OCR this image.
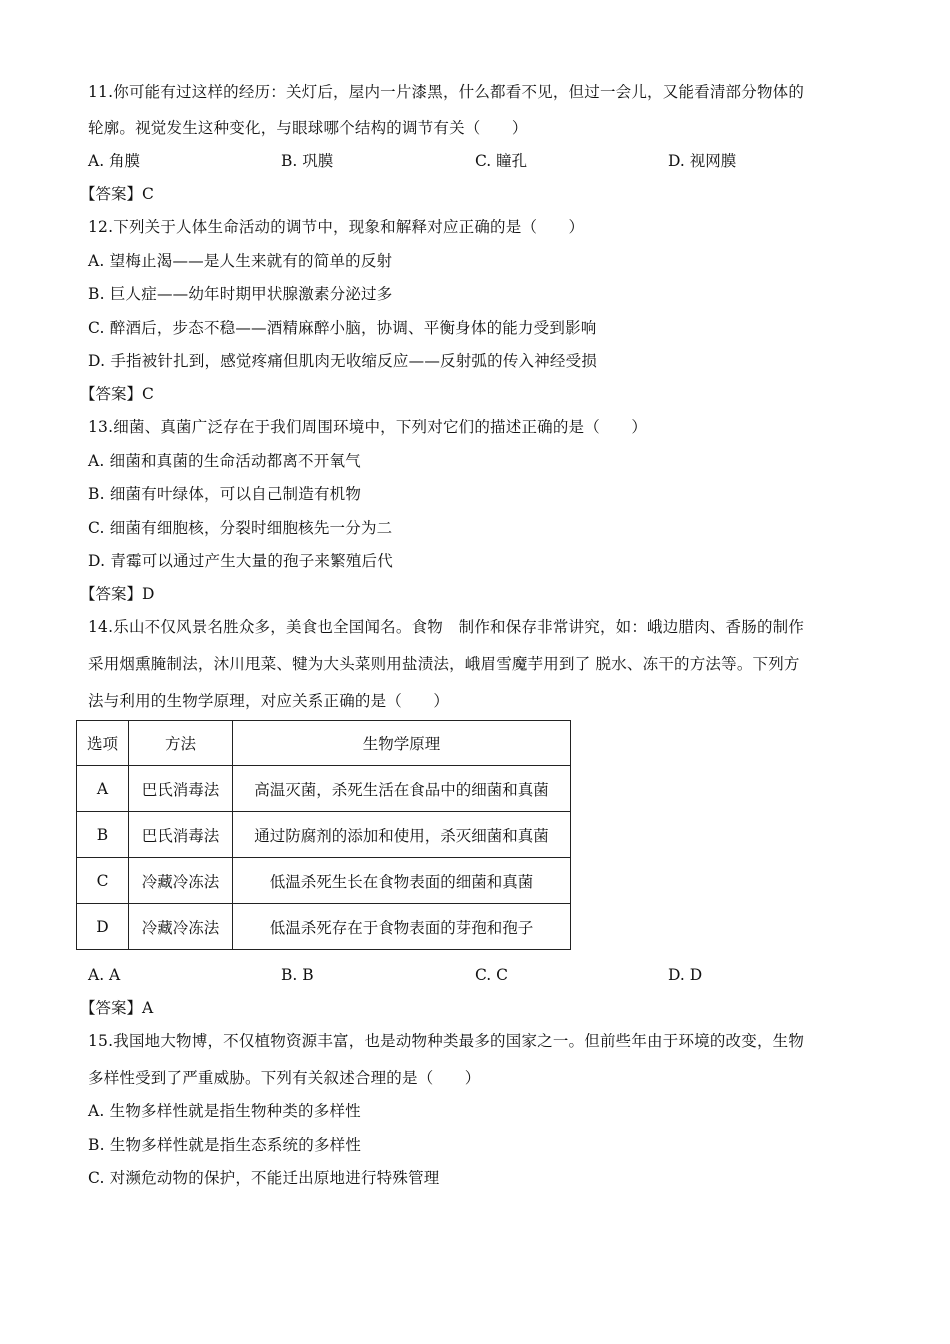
11.你可能有过这样的经历：关灯后，屋内一片漆黑，什么都看不见，但过一会儿，又能看清部分物体的
轮廓。视觉发生这种变化，与眼球哪个结构的调节有关（　　）
A. 角膜	B. 巩膜	C. 瞳孔	D. 视网膜
【答案】C
12.下列关于人体生命活动的调节中，现象和解释对应正确的是（　　）
A. 望梅止渴——是人生来就有的简单的反射
B. 巨人症——幼年时期甲状腺激素分泌过多
C. 醉酒后，步态不稳——酒精麻醉小脑，协调、平衡身体的能力受到影响
D. 手指被针扎到，感觉疼痛但肌肉无收缩反应——反射弧的传入神经受损
【答案】C
13.细菌、真菌广泛存在于我们周围环境中，下列对它们的描述正确的是（　　）
A. 细菌和真菌的生命活动都离不开氧气
B. 细菌有叶绿体，可以自己制造有机物
C. 细菌有细胞核，分裂时细胞核先一分为二
D. 青霉可以通过产生大量的孢子来繁殖后代
【答案】D
14.乐山不仅风景名胜众多，美食也全国闻名。食物　制作和保存非常讲究，如：峨边腊肉、香肠的制作
采用烟熏腌制法，沐川甩菜、犍为大头菜则用盐渍法，峨眉雪魔芋用到了 脱水、冻干的方法等。下列方
法与利用的生物学原理，对应关系正确的是（　　）
选项	方法	生物学原理
A	巴氏消毒法	高温灭菌，杀死生活在食品中的细菌和真菌
B	巴氏消毒法	通过防腐剂的添加和使用，杀灭细菌和真菌
C	冷藏冷冻法	低温杀死生长在食物表面的细菌和真菌
D	冷藏冷冻法	低温杀死存在于食物表面的芽孢和孢子
A. A	B. B	C. C	D. D
【答案】A
15.我国地大物博，不仅植物资源丰富，也是动物种类最多的国家之一。但前些年由于环境的改变，生物
多样性受到了严重威胁。下列有关叙述合理的是（　　）
A. 生物多样性就是指生物种类的多样性
B. 生物多样性就是指生态系统的多样性
C. 对濒危动物的保护，不能迁出原地进行特殊管理
